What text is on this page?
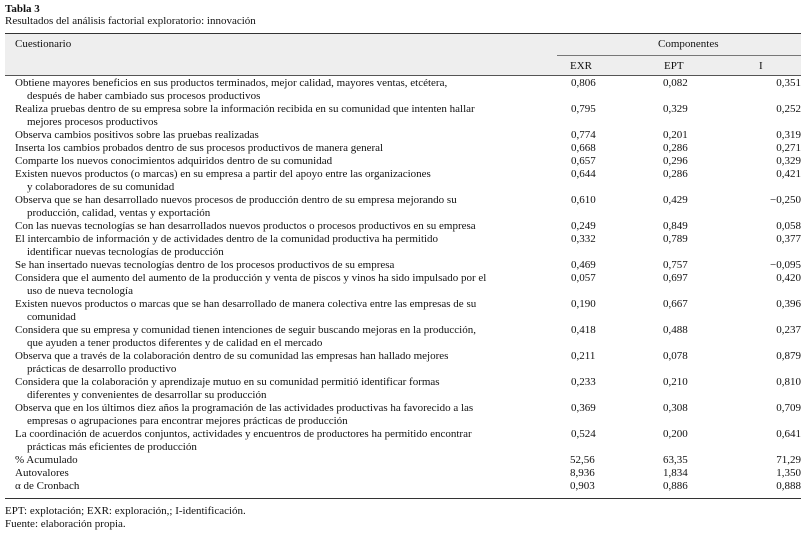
Tabla 3
Resultados del análisis factorial exploratorio: innovación
Cuestionario	Componentes
EXR	EPT	I
Obtiene mayores beneficios en sus productos terminados, mejor calidad, mayores ventas, etcétera,
después de haber cambiado sus procesos productivos
0,806	0,082	0,351
Realiza pruebas dentro de su empresa sobre la información recibida en su comunidad que intenten hallar
mejores procesos productivos
0,795	0,329	0,252
Observa cambios positivos sobre las pruebas realizadas	0,774	0,201	0,319
Inserta los cambios probados dentro de sus procesos productivos de manera general	0,668	0,286	0,271
Comparte los nuevos conocimientos adquiridos dentro de su comunidad	0,657	0,296	0,329
Existen nuevos productos (o marcas) en su empresa a partir del apoyo entre las organizaciones
y colaboradores de su comunidad
0,644	0,286	0,421
Observa que se han desarrollado nuevos procesos de producción dentro de su empresa mejorando su
producción, calidad, ventas y exportación
0,610	0,429	−0,250
Con las nuevas tecnologías se han desarrollados nuevos productos o procesos productivos en su empresa	0,249	0,849	0,058
El intercambio de información y de actividades dentro de la comunidad productiva ha permitido
identificar nuevas tecnologías de producción
0,332	0,789	0,377
Se han insertado nuevas tecnologías dentro de los procesos productivos de su empresa	0,469	0,757	−0,095
Considera que el aumento del aumento de la producción y venta de piscos y vinos ha sido impulsado por el
uso de nueva tecnología
0,057	0,697	0,420
Existen nuevos productos o marcas que se han desarrollado de manera colectiva entre las empresas de su
comunidad
0,190	0,667	0,396
Considera que su empresa y comunidad tienen intenciones de seguir buscando mejoras en la producción,
que ayuden a tener productos diferentes y de calidad en el mercado
0,418	0,488	0,237
Observa que a través de la colaboración dentro de su comunidad las empresas han hallado mejores
prácticas de desarrollo productivo
0,211	0,078	0,879
Considera que la colaboración y aprendizaje mutuo en su comunidad permitió identificar formas
diferentes y convenientes de desarrollar su producción
0,233	0,210	0,810
Observa que en los últimos diez años la programación de las actividades productivas ha favorecido a las
empresas o agrupaciones para encontrar mejores prácticas de producción
0,369	0,308	0,709
La coordinación de acuerdos conjuntos, actividades y encuentros de productores ha permitido encontrar
prácticas más eficientes de producción
0,524	0,200	0,641
% Acumulado	52,56	63,35	71,29
Autovalores	8,936	1,834	1,350
α de Cronbach	0,903	0,886	0,888
EPT: explotación; EXR: exploración,; I-identificación.
Fuente: elaboración propia.
